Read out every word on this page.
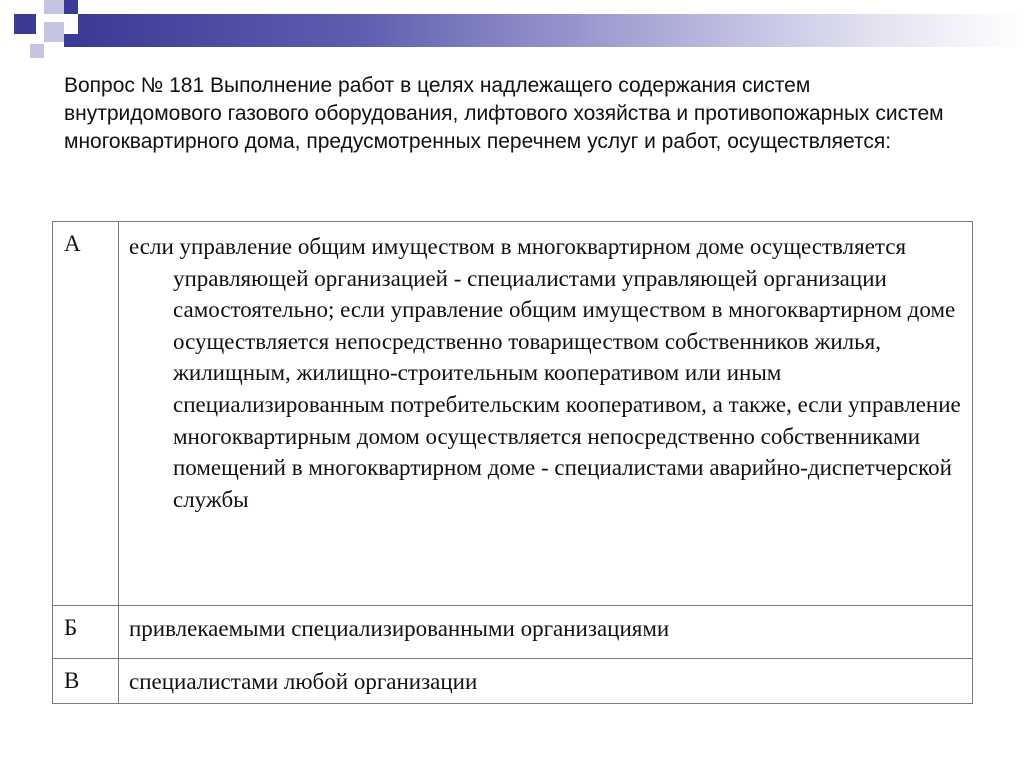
Вопрос № 181 Выполнение работ в целях надлежащего содержания систем внутридомового газового оборудования, лифтового хозяйства и противопожарных систем многоквартирного дома, предусмотренных перечнем услуг и работ, осуществляется:

А	если управление общим имуществом в многоквартирном доме осуществляется управляющей организацией - специалистами управляющей организации самостоятельно; если управление общим имуществом в многоквартирном доме осуществляется непосредственно товариществом собственников жилья, жилищным, жилищно-строительным кооперативом или иным специализированным потребительским кооперативом, а также, если управление многоквартирным домом осуществляется непосредственно собственниками помещений в многоквартирном доме - специалистами аварийно-диспетчерской службы

Б	привлекаемыми специализированными организациями
В	специалистами любой организации
